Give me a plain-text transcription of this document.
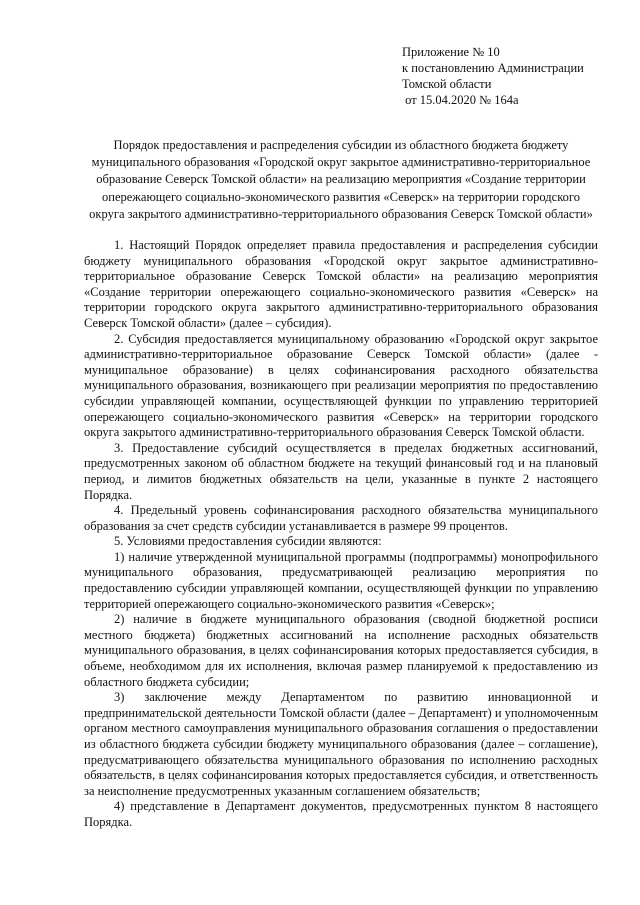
Приложение № 10
к постановлению Администрации
Томской области
от 15.04.2020 № 164а
Порядок предоставления и распределения субсидии из областного бюджета бюджету муниципального образования «Городской округ закрытое административно-территориальное образование Северск Томской области» на реализацию мероприятия «Создание территории опережающего социально-экономического развития «Северск» на территории городского округа закрытого административно-территориального образования Северск Томской области»

1. Настоящий Порядок определяет правила предоставления и распределения субсидии бюджету муниципального образования «Городской округ закрытое административно-территориальное образование Северск Томской области» на реализацию мероприятия «Создание территории опережающего социально-экономического развития «Северск» на территории городского округа закрытого административно-территориального образования Северск Томской области» (далее – субсидия).

2. Субсидия предоставляется муниципальному образованию «Городской округ закрытое административно-территориальное образование Северск Томской области» (далее - муниципальное образование) в целях софинансирования расходного обязательства муниципального образования, возникающего при реализации мероприятия по предоставлению субсидии управляющей компании, осуществляющей функции по управлению территорией опережающего социально-экономического развития «Северск» на территории городского округа закрытого административно-территориального образования Северск Томской области.

3. Предоставление субсидий осуществляется в пределах бюджетных ассигнований, предусмотренных законом об областном бюджете на текущий финансовый год и на плановый период, и лимитов бюджетных обязательств на цели, указанные в пункте 2 настоящего Порядка.

4. Предельный уровень софинансирования расходного обязательства муниципального образования за счет средств субсидии устанавливается в размере 99 процентов.

5. Условиями предоставления субсидии являются:

1) наличие утвержденной муниципальной программы (подпрограммы) монопрофильного муниципального образования, предусматривающей реализацию мероприятия по предоставлению субсидии управляющей компании, осуществляющей функции по управлению территорией опережающего социально-экономического развития «Северск»;

2) наличие в бюджете муниципального образования (сводной бюджетной росписи местного бюджета) бюджетных ассигнований на исполнение расходных обязательств муниципального образования, в целях софинансирования которых предоставляется субсидия, в объеме, необходимом для их исполнения, включая размер планируемой к предоставлению из областного бюджета субсидии;

3) заключение между Департаментом по развитию инновационной и предпринимательской деятельности Томской области (далее – Департамент) и уполномоченным органом местного самоуправления муниципального образования соглашения о предоставлении из областного бюджета субсидии бюджету муниципального образования (далее – соглашение), предусматривающего обязательства муниципального образования по исполнению расходных обязательств, в целях софинансирования которых предоставляется субсидия, и ответственность за неисполнение предусмотренных указанным соглашением обязательств;

4) представление в Департамент документов, предусмотренных пунктом 8 настоящего Порядка.
